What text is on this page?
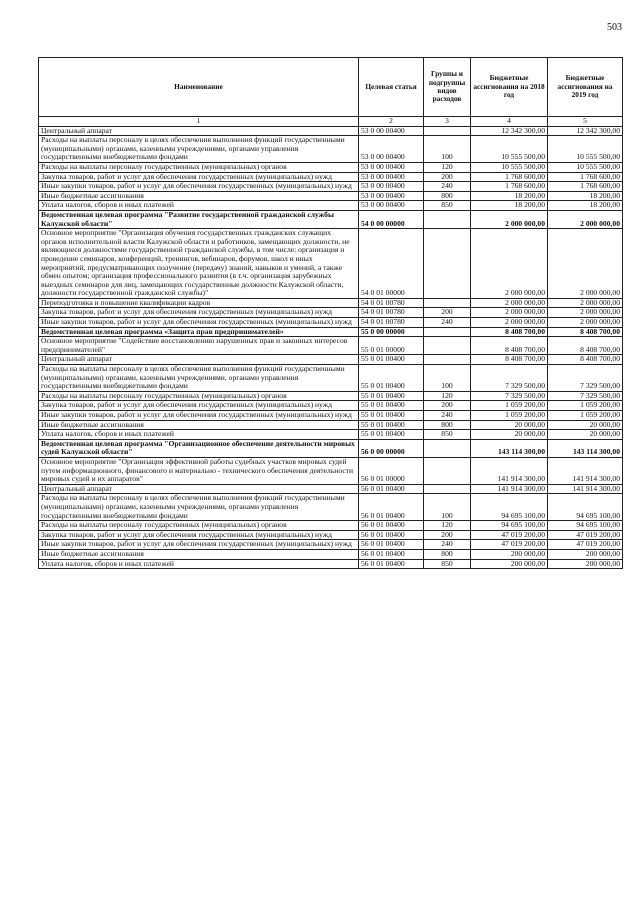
503
Наименование	Целевая статья	Группы и подгруппы видов расходов	Бюджетные ассигнования на 2018 год	Бюджетные ассигнования на 2019 год
1	2	3	4	5
Центральный аппарат	53 0 00 00400		12 342 300,00	12 342 300,00
Расходы на выплаты персоналу в целях обеспечения выполнения функций государственными (муниципальными) органами, казенными учреждениями, органами управления государственными внебюджетными фондами	53 0 00 00400	100	10 555 500,00	10 555 500,00
Расходы на выплаты персоналу государственных (муниципальных) органов	53 0 00 00400	120	10 555 500,00	10 555 500,00
Закупка товаров, работ и услуг для обеспечения государственных (муниципальных) нужд	53 0 00 00400	200	1 768 600,00	1 768 600,00
Иные закупки товаров, работ и услуг для обеспечения государственных (муниципальных) нужд	53 0 00 00400	240	1 768 600,00	1 768 600,00
Иные бюджетные ассигнования	53 0 00 00400	800	18 200,00	18 200,00
Уплата налогов, сборов и иных платежей	53 0 00 00400	850	18 200,00	18 200,00
Ведомственная целевая программа "Развитие государственной гражданской службы Калужской области"	54 0 00 00000		2 000 000,00	2 000 000,00
Основное мероприятие "Организация обучения государственных гражданских служащих органов исполнительной власти Калужской области и работников, замещающих должности, не являющиеся должностями государственной гражданской службы, в том числе: организация и проведение семинаров, конференций, тренингов, вебинаров, форумов, школ и иных мероприятий, предусматривающих получение (передачу) знаний, навыков и умений, а также обмен опытом; организация профессионального развития (в т.ч. организация зарубежных выездных семинаров для лиц, замещающих государственные должности Калужской области, должности государственной гражданской службы)"	54 0 01 00000		2 000 000,00	2 000 000,00
Переподготовка и повышение квалификации кадров	54 0 01 00780		2 000 000,00	2 000 000,00
Закупка товаров, работ и услуг для обеспечения государственных (муниципальных) нужд	54 0 01 00780	200	2 000 000,00	2 000 000,00
Иные закупки товаров, работ и услуг для обеспечения государственных (муниципальных) нужд	54 0 01 00780	240	2 000 000,00	2 000 000,00
Ведомственная целевая программа «Защита прав предпринимателей»	55 0 00 00000		8 408 700,00	8 408 700,00
Основное мероприятие "Содействие восстановлению нарушенных прав и законных интересов предпринимателей"	55 0 01 00000		8 408 700,00	8 408 700,00
Центральный аппарат	55 0 01 00400		8 408 700,00	8 408 700,00
Расходы на выплаты персоналу в целях обеспечения выполнения функций государственными (муниципальными) органами, казенными учреждениями, органами управления государственными внебюджетными фондами	55 0 01 00400	100	7 329 500,00	7 329 500,00
Расходы на выплаты персоналу государственных (муниципальных) органов	55 0 01 00400	120	7 329 500,00	7 329 500,00
Закупка товаров, работ и услуг для обеспечения государственных (муниципальных) нужд	55 0 01 00400	200	1 059 200,00	1 059 200,00
Иные закупки товаров, работ и услуг для обеспечения государственных (муниципальных) нужд	55 0 01 00400	240	1 059 200,00	1 059 200,00
Иные бюджетные ассигнования	55 0 01 00400	800	20 000,00	20 000,00
Уплата налогов, сборов и иных платежей	55 0 01 00400	850	20 000,00	20 000,00
Ведомственная целевая программа "Организационное обеспечение деятельности мировых судей Калужской области"	56 0 00 00000		143 114 300,00	143 114 300,00
Основное мероприятие "Организация эффективной работы судебных участков мировых судей путем информационного, финансового и материально - технического обеспечения деятельности мировых судей и их аппаратов"	56 0 01 00000		141 914 300,00	141 914 300,00
Центральный аппарат	56 0 01 00400		141 914 300,00	141 914 300,00
Расходы на выплаты персоналу в целях обеспечения выполнения функций государственными (муниципальными) органами, казенными учреждениями, органами управления государственными внебюджетными фондами	56 0 01 00400	100	94 695 100,00	94 695 100,00
Расходы на выплаты персоналу государственных (муниципальных) органов	56 0 01 00400	120	94 695 100,00	94 695 100,00
Закупка товаров, работ и услуг для обеспечения государственных (муниципальных) нужд	56 0 01 00400	200	47 019 200,00	47 019 200,00
Иные закупки товаров, работ и услуг для обеспечения государственных (муниципальных) нужд	56 0 01 00400	240	47 019 200,00	47 019 200,00
Иные бюджетные ассигнования	56 0 01 00400	800	200 000,00	200 000,00
Уплата налогов, сборов и иных платежей	56 0 01 00400	850	200 000,00	200 000,00
